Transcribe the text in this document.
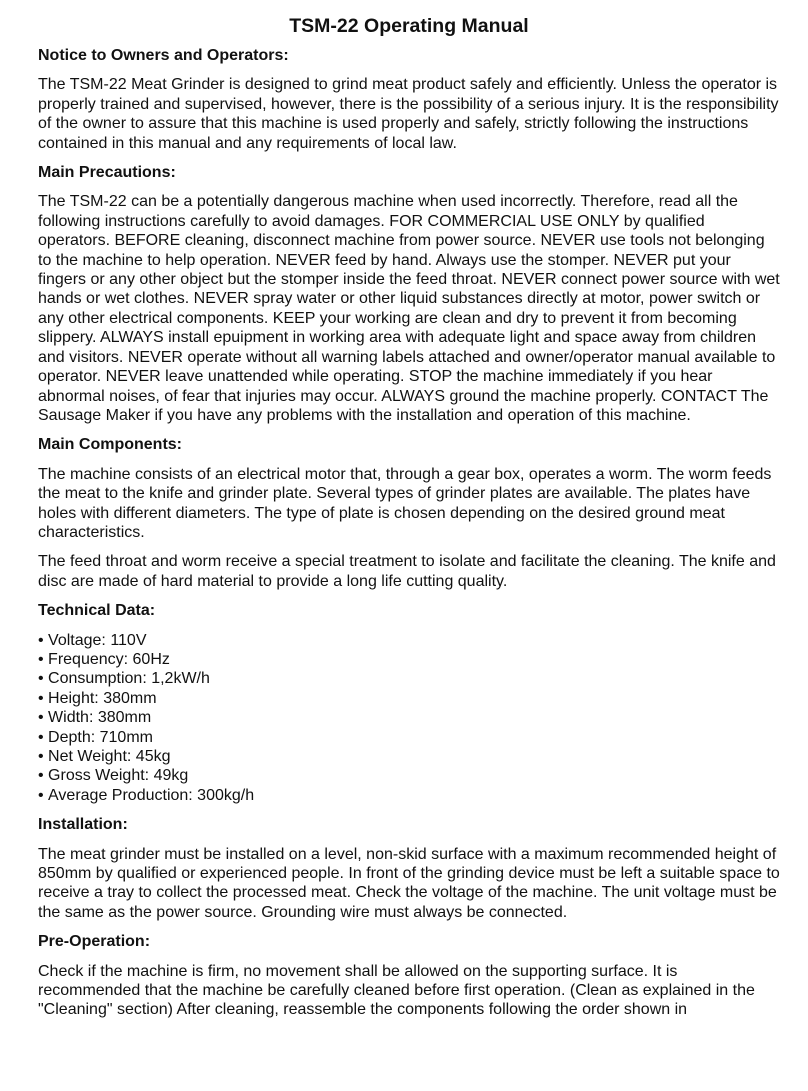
TSM-22 Operating Manual
Notice to Owners and Operators:
The TSM-22 Meat Grinder is designed to grind meat product safely and efficiently. Unless the operator is properly trained and supervised, however, there is the possibility of a serious injury. It is the responsibility of the owner to assure that this machine is used properly and safely, strictly following the instructions contained in this manual and any requirements of local law.
Main Precautions:
The TSM-22 can be a potentially dangerous machine when used incorrectly. Therefore, read all the following instructions carefully to avoid damages. FOR COMMERCIAL USE ONLY by qualified operators. BEFORE cleaning, disconnect machine from power source. NEVER use tools not belonging to the machine to help operation. NEVER feed by hand. Always use the stomper. NEVER put your fingers or any other object but the stomper inside the feed throat. NEVER connect power source with wet hands or wet clothes. NEVER spray water or other liquid substances directly at motor, power switch or any other electrical components. KEEP your working are clean and dry to prevent it from becoming slippery. ALWAYS install epuipment in working area with adequate light and space away from children and visitors. NEVER operate without all warning labels attached and owner/operator manual available to operator. NEVER leave unattended while operating. STOP the machine immediately if you hear abnormal noises, of fear that injuries may occur. ALWAYS ground the machine properly. CONTACT The Sausage Maker if you have any problems with the installation and operation of this machine.
Main Components:
The machine consists of an electrical motor that, through a gear box, operates a worm. The worm feeds the meat to the knife and grinder plate. Several types of grinder plates are available. The plates have holes with different diameters. The type of plate is chosen depending on the desired ground meat characteristics.
The feed throat and worm receive a special treatment to isolate and facilitate the cleaning. The knife and disc are made of hard material to provide a long life cutting quality.
Technical Data:
• Voltage: 110V
• Frequency: 60Hz
• Consumption: 1,2kW/h
• Height: 380mm
• Width: 380mm
• Depth: 710mm
• Net Weight: 45kg
• Gross Weight: 49kg
• Average Production: 300kg/h
Installation:
The meat grinder must be installed on a level, non-skid surface with a maximum recommended height of 850mm by qualified or experienced people. In front of the grinding device must be left a suitable space to receive a tray to collect the processed meat. Check the voltage of the machine. The unit voltage must be the same as the power source. Grounding wire must always be connected.
Pre-Operation:
Check if the machine is firm, no movement shall be allowed on the supporting surface. It is recommended that the machine be carefully cleaned before first operation. (Clean as explained in the "Cleaning" section) After cleaning, reassemble the components following the order shown in
